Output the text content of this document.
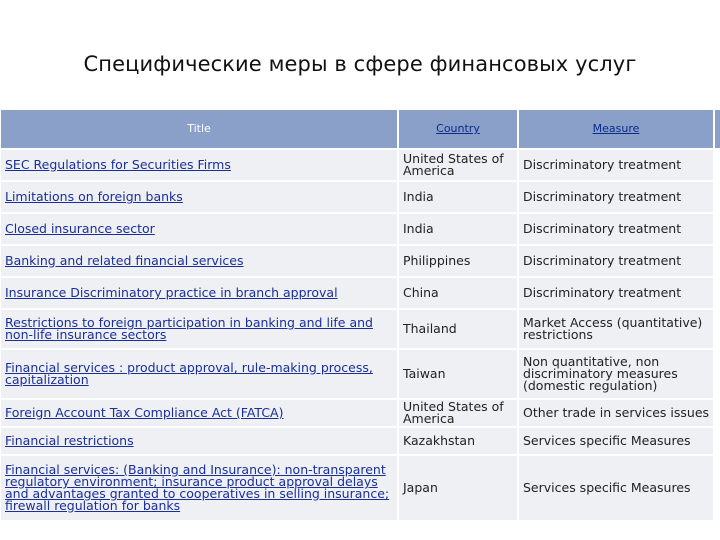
Специфические меры в сфере финансовых услуг
Title	Country	Measure	
SEC Regulations for Securities Firms	United States of America	Discriminatory treatment	
Limitations on foreign banks	India	Discriminatory treatment	
Closed insurance sector	India	Discriminatory treatment	
Banking and related financial services	Philippines	Discriminatory treatment	
Insurance Discriminatory practice in branch approval	China	Discriminatory treatment	
Restrictions to foreign participation in banking and life and non-life insurance sectors	Thailand	Market Access (quantitative) restrictions	
Financial services : product approval, rule-making process, capitalization	Taiwan	Non quantitative, non discriminatory measures (domestic regulation)	
Foreign Account Tax Compliance Act (FATCA)	United States of America	Other trade in services issues	
Financial restrictions	Kazakhstan	Services specific Measures	
Financial services: (Banking and Insurance): non-transparent regulatory environment; insurance product approval delays and advantages granted to cooperatives in selling insurance; firewall regulation for banks	Japan	Services specific Measures	
